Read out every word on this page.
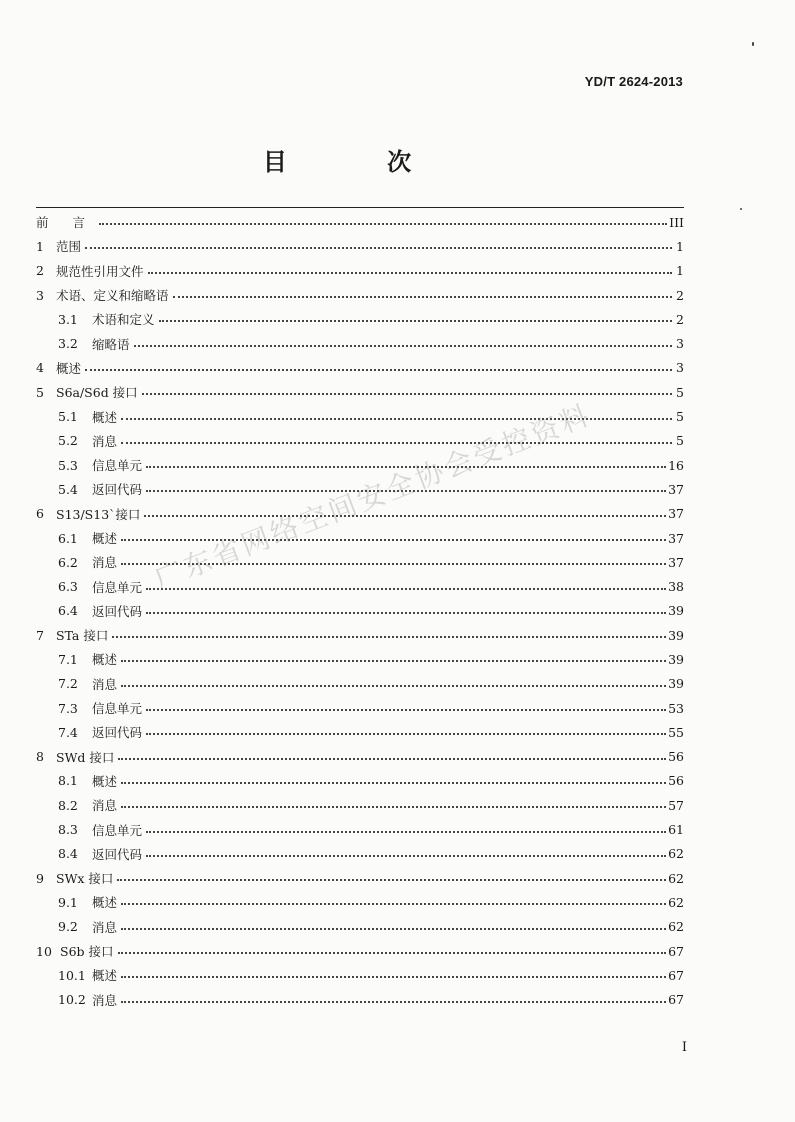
YD/T 2624-2013
目 次
前 言	III
1 范围	1
2 规范性引用文件	1
3 术语、定义和缩略语	2
3.1	术语和定义	2
3.2	缩略语	3
4 概述	3
5 S6a/S6d 接口	5
5.1	概述	5
5.2	消息	5
5.3	信息单元	16
5.4	返回代码	37
6 S13/S13`接口	37
6.1	概述	37
6.2	消息	37
6.3	信息单元	38
6.4	返回代码	39
7 STa 接口	39
7.1	概述	39
7.2	消息	39
7.3	信息单元	53
7.4	返回代码	55
8 SWd 接口	56
8.1	概述	56
8.2	消息	57
8.3	信息单元	61
8.4	返回代码	62
9 SWx 接口	62
9.1	概述	62
9.2	消息	62
10 S6b 接口	67
10.1 概述	67
10.2 消息	67
广东省网络空间安全协会受控资料
I
